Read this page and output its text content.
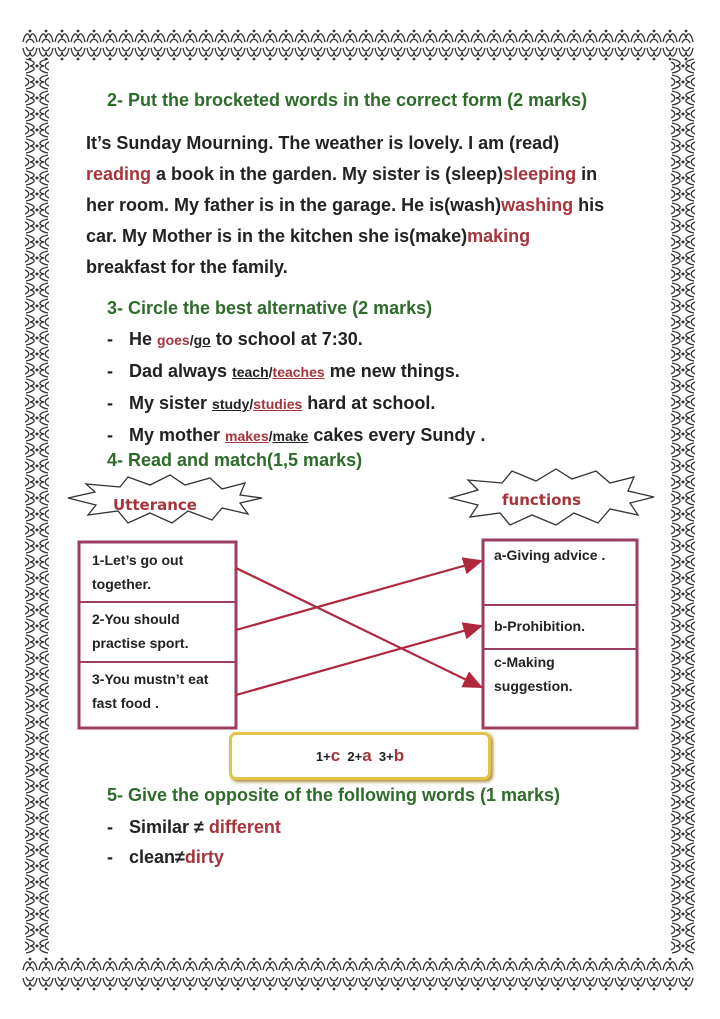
2- Put the brocketed words in the correct form (2 marks)
It’s Sunday Mourning. The weather is lovely. I am (read)
reading a book in the garden. My sister is (sleep)sleeping in
her room. My father is in the garage. He is(wash)washing his
car. My Mother is in the kitchen she is(make)making
breakfast for the family.
3- Circle the best alternative (2 marks)
- He goes/go to school at 7:30.
- Dad always teach/teaches me new things.
- My sister study/studies hard at school.
- My mother makes/make cakes every Sundy .
4- Read and match(1,5 marks)
Utterance	functions
1-Let’s go out together.
2-You should practise sport.
3-You mustn’t eat fast food .
a-Giving advice .
b-Prohibition.
c-Making suggestion.
1+c
2+a
3+b
5- Give the opposite of the following words (1 marks)
- Similar ≠ different
- clean≠dirty
